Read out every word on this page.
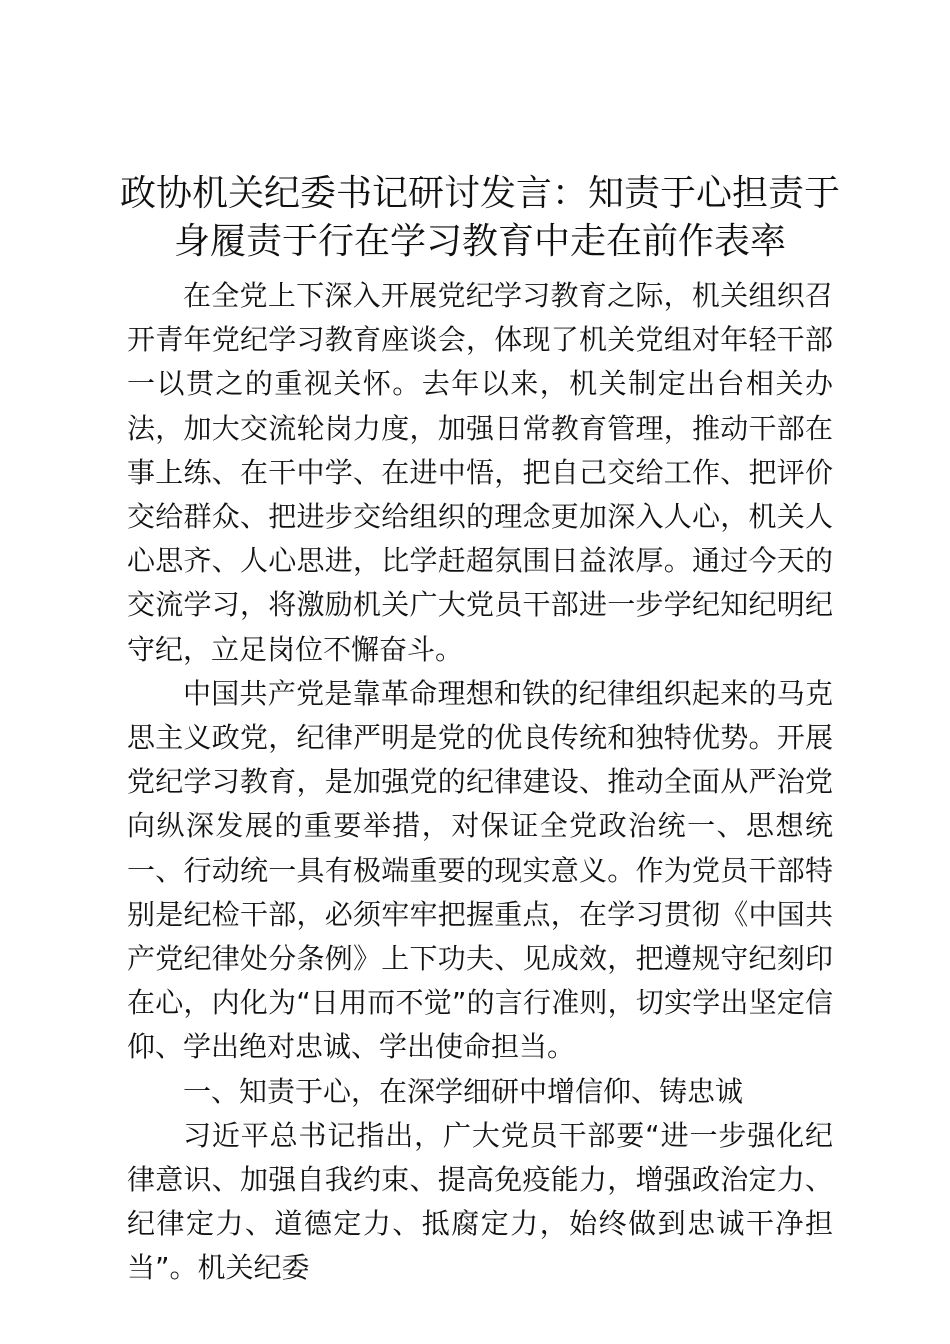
政协机关纪委书记研讨发言：知责于心担责于
身履责于行在学习教育中走在前作表率

在全党上下深入开展党纪学习教育之际，机关组织召开青年党纪学习教育座谈会，体现了机关党组对年轻干部一以贯之的重视关怀。去年以来，机关制定出台相关办法，加大交流轮岗力度，加强日常教育管理，推动干部在事上练、在干中学、在进中悟，把自己交给工作、把评价交给群众、把进步交给组织的理念更加深入人心，机关人心思齐、人心思进，比学赶超氛围日益浓厚。通过今天的交流学习，将激励机关广大党员干部进一步学纪知纪明纪守纪，立足岗位不懈奋斗。

中国共产党是靠革命理想和铁的纪律组织起来的马克思主义政党，纪律严明是党的优良传统和独特优势。开展党纪学习教育，是加强党的纪律建设、推动全面从严治党向纵深发展的重要举措，对保证全党政治统一、思想统一、行动统一具有极端重要的现实意义。作为党员干部特别是纪检干部，必须牢牢把握重点，在学习贯彻《中国共产党纪律处分条例》上下功夫、见成效，把遵规守纪刻印在心，内化为“日用而不觉”的言行准则，切实学出坚定信仰、学出绝对忠诚、学出使命担当。

一、知责于心，在深学细研中增信仰、铸忠诚

习近平总书记指出，广大党员干部要“进一步强化纪律意识、加强自我约束、提高免疫能力，增强政治定力、纪律定力、道德定力、抵腐定力，始终做到忠诚干净担当”。机关纪委
